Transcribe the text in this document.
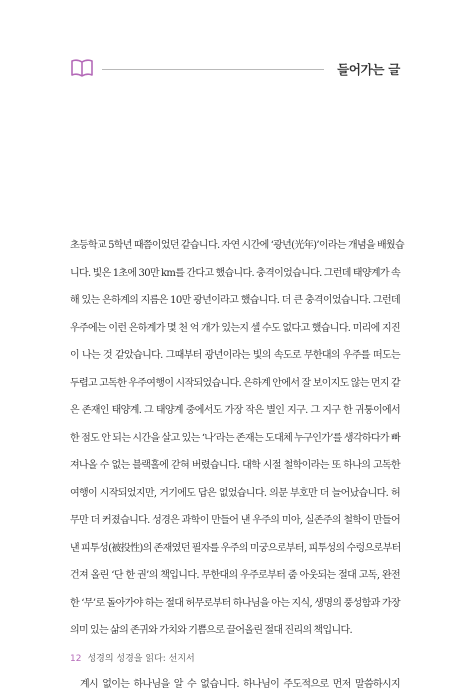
들어가는 글
초등학교 5학년 때쯤이었던 같습니다. 자연 시간에 ‘광년(光年)’이라는 개념을 배웠습
니다. 빛은 1초에 30만 km를 간다고 했습니다. 충격이었습니다. 그런데 태양계가 속
해 있는 은하계의 지름은 10만 광년이라고 했습니다. 더 큰 충격이었습니다. 그런데
우주에는 이런 은하계가 몇 천 억 개가 있는지 셀 수도 없다고 했습니다. 미리에 지진
이 나는 것 같았습니다. 그때부터 광년이라는 빛의 속도로 무한대의 우주를 떠도는
두렵고 고독한 우주여행이 시작되었습니다. 은하계 안에서 잘 보이지도 않는 먼지 같
은 존재인 태양계. 그 태양계 중에서도 가장 작은 별인 지구. 그 지구 한 귀퉁이에서
한 점도 안 되는 시간을 살고 있는 ‘나’라는 존재는 도대체 누구인가’를 생각하다가 빠
져나올 수 없는 블랙홀에 갇혀 버렸습니다. 대학 시절 철학이라는 또 하나의 고독한
여행이 시작되었지만, 거기에도 답은 없었습니다. 의문 부호만 더 늘어났습니다. 허
무만 더 커졌습니다. 성경은 과학이 만들어 낸 우주의 미아, 실존주의 철학이 만들어
낸 피투성(被投性)의 존재였던 필자를 우주의 미궁으로부터, 피투성의 수렁으로부터
건져 올린 ‘단 한 권’의 책입니다. 무한대의 우주로부터 줌 아웃되는 절대 고독, 완전
한 ‘무’로 돌아가야 하는 절대 허무로부터 하나님을 아는 지식, 생명의 풍성함과 가장
의미 있는 삶의 존귀와 가치와 기쁨으로 끌어올린 절대 진리의 책입니다.
계시 없이는 하나님을 알 수 없습니다. 하나님이 주도적으로 먼저 말씀하시지
12 성경의 성경을 읽다: 선지서
